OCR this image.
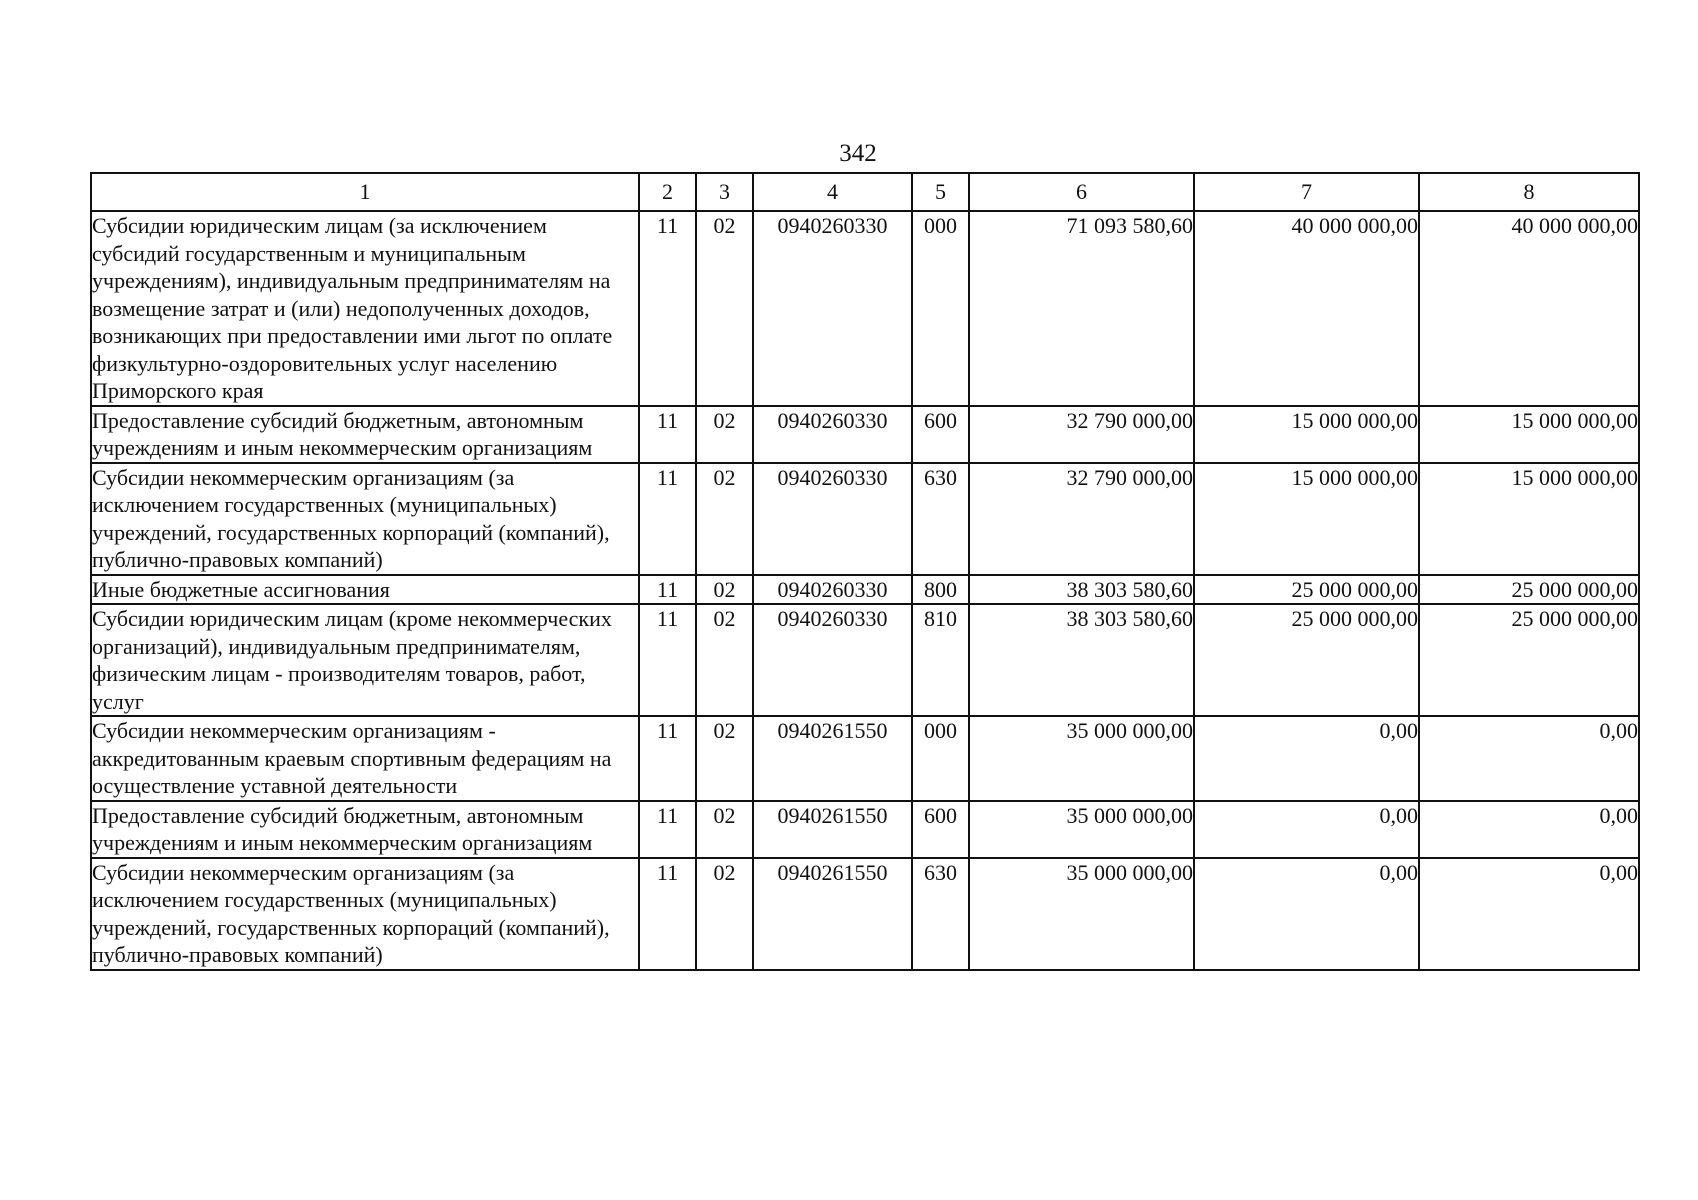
342
1	2	3	4	5	6	7	8
Субсидии юридическим лицам (за исключением субсидий государственным и муниципальным учреждениям), индивидуальным предпринимателям на возмещение затрат и (или) недополученных доходов, возникающих при предоставлении ими льгот по оплате физкультурно-оздоровительных услуг населению Приморского края	11	02	0940260330	000	71 093 580,60	40 000 000,00	40 000 000,00
Предоставление субсидий бюджетным, автономным учреждениям и иным некоммерческим организациям	11	02	0940260330	600	32 790 000,00	15 000 000,00	15 000 000,00
Субсидии некоммерческим организациям (за исключением государственных (муниципальных) учреждений, государственных корпораций (компаний), публично-правовых компаний)	11	02	0940260330	630	32 790 000,00	15 000 000,00	15 000 000,00
Иные бюджетные ассигнования	11	02	0940260330	800	38 303 580,60	25 000 000,00	25 000 000,00
Субсидии юридическим лицам (кроме некоммерческих организаций), индивидуальным предпринимателям, физическим лицам - производителям товаров, работ, услуг	11	02	0940260330	810	38 303 580,60	25 000 000,00	25 000 000,00
Субсидии некоммерческим организациям - аккредитованным краевым спортивным федерациям на осуществление уставной деятельности	11	02	0940261550	000	35 000 000,00	0,00	0,00
Предоставление субсидий бюджетным, автономным учреждениям и иным некоммерческим организациям	11	02	0940261550	600	35 000 000,00	0,00	0,00
Субсидии некоммерческим организациям (за исключением государственных (муниципальных) учреждений, государственных корпораций (компаний), публично-правовых компаний)	11	02	0940261550	630	35 000 000,00	0,00	0,00
